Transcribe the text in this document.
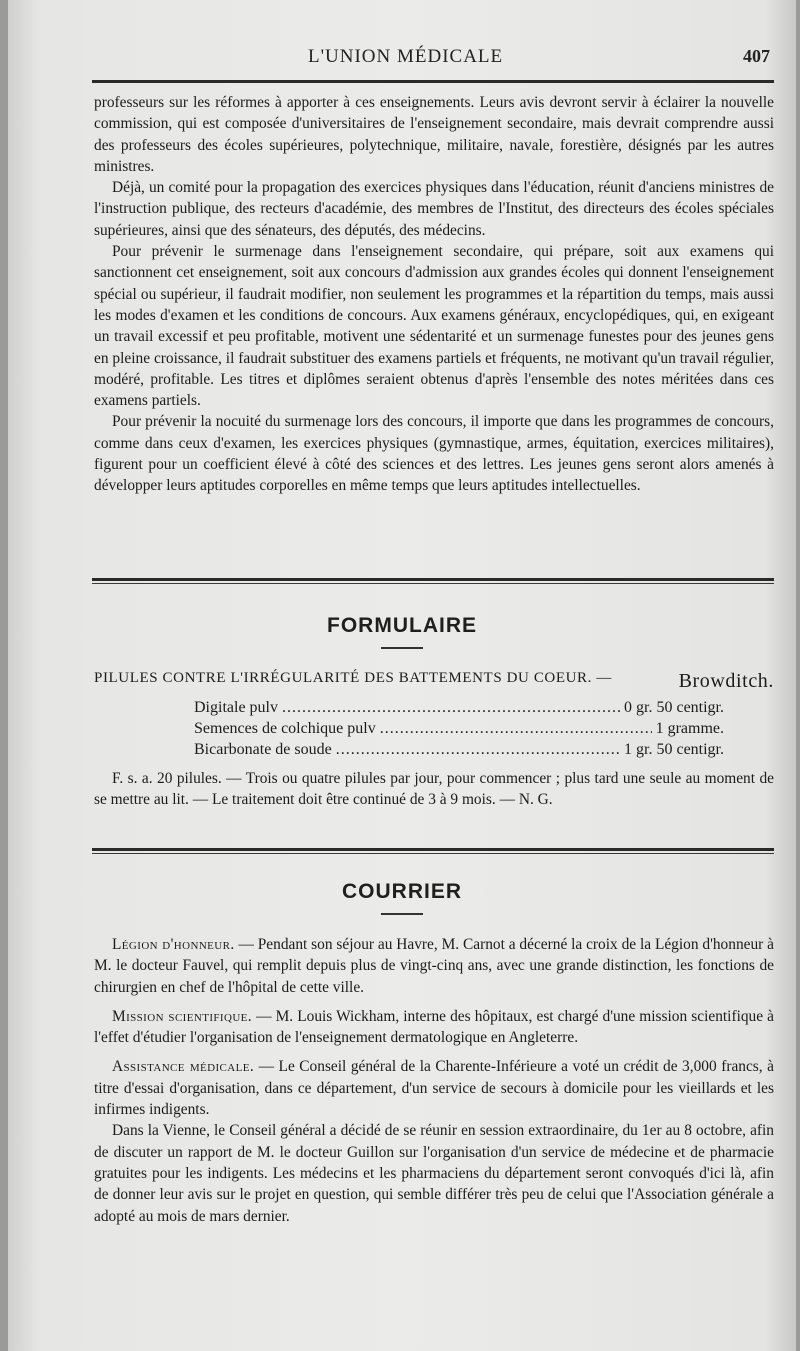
L'UNION MÉDICALE	407

professeurs sur les réformes à apporter à ces enseignements. Leurs avis devront servir à éclairer la nouvelle commission, qui est composée d'universitaires de l'enseignement secondaire, mais devrait comprendre aussi des professeurs des écoles supérieures, polytechnique, militaire, navale, forestière, désignés par les autres ministres.

Déjà, un comité pour la propagation des exercices physiques dans l'éducation, réunit d'anciens ministres de l'instruction publique, des recteurs d'académie, des membres de l'Institut, des directeurs des écoles spéciales supérieures, ainsi que des sénateurs, des députés, des médecins.

Pour prévenir le surmenage dans l'enseignement secondaire, qui prépare, soit aux examens qui sanctionnent cet enseignement, soit aux concours d'admission aux grandes écoles qui donnent l'enseignement spécial ou supérieur, il faudrait modifier, non seulement les programmes et la répartition du temps, mais aussi les modes d'examen et les conditions de concours. Aux examens généraux, encyclopédiques, qui, en exigeant un travail excessif et peu profitable, motivent une sédentarité et un surmenage funestes pour des jeunes gens en pleine croissance, il faudrait substituer des examens partiels et fréquents, ne motivant qu'un travail régulier, modéré, profitable. Les titres et diplômes seraient obtenus d'après l'ensemble des notes méritées dans ces examens partiels.

Pour prévenir la nocuité du surmenage lors des concours, il importe que dans les programmes de concours, comme dans ceux d'examen, les exercices physiques (gymnastique, armes, équitation, exercices militaires), figurent pour un coefficient élevé à côté des sciences et des lettres. Les jeunes gens seront alors amenés à développer leurs aptitudes corporelles en même temps que leurs aptitudes intellectuelles.

FORMULAIRE
PILULES CONTRE L'IRRÉGULARITÉ DES BATTEMENTS DU COEUR. —	Browditch.
Digitale pulv .....	0 gr. 50 centigr.
Semences de colchique pulv .....	1 gramme.
Bicarbonate de soude .....	1 gr. 50 centigr.

F. s. a. 20 pilules. — Trois ou quatre pilules par jour, pour commencer ; plus tard une seule au moment de se mettre au lit. — Le traitement doit être continué de 3 à 9 mois. — N. G.

COURRIER

Légion d'honneur. — Pendant son séjour au Havre, M. Carnot a décerné la croix de la Légion d'honneur à M. le docteur Fauvel, qui remplit depuis plus de vingt-cinq ans, avec une grande distinction, les fonctions de chirurgien en chef de l'hôpital de cette ville.

Mission scientifique. — M. Louis Wickham, interne des hôpitaux, est chargé d'une mission scientifique à l'effet d'étudier l'organisation de l'enseignement dermatologique en Angleterre.

Assistance médicale. — Le Conseil général de la Charente-Inférieure a voté un crédit de 3,000 francs, à titre d'essai d'organisation, dans ce département, d'un service de secours à domicile pour les vieillards et les infirmes indigents.

Dans la Vienne, le Conseil général a décidé de se réunir en session extraordinaire, du 1er au 8 octobre, afin de discuter un rapport de M. le docteur Guillon sur l'organisation d'un service de médecine et de pharmacie gratuites pour les indigents. Les médecins et les pharmaciens du département seront convoqués d'ici là, afin de donner leur avis sur le projet en question, qui semble différer très peu de celui que l'Association générale a adopté au mois de mars dernier.
